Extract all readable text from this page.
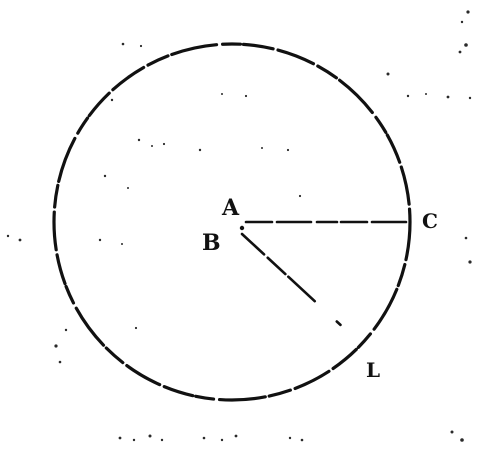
A
B
C
L
